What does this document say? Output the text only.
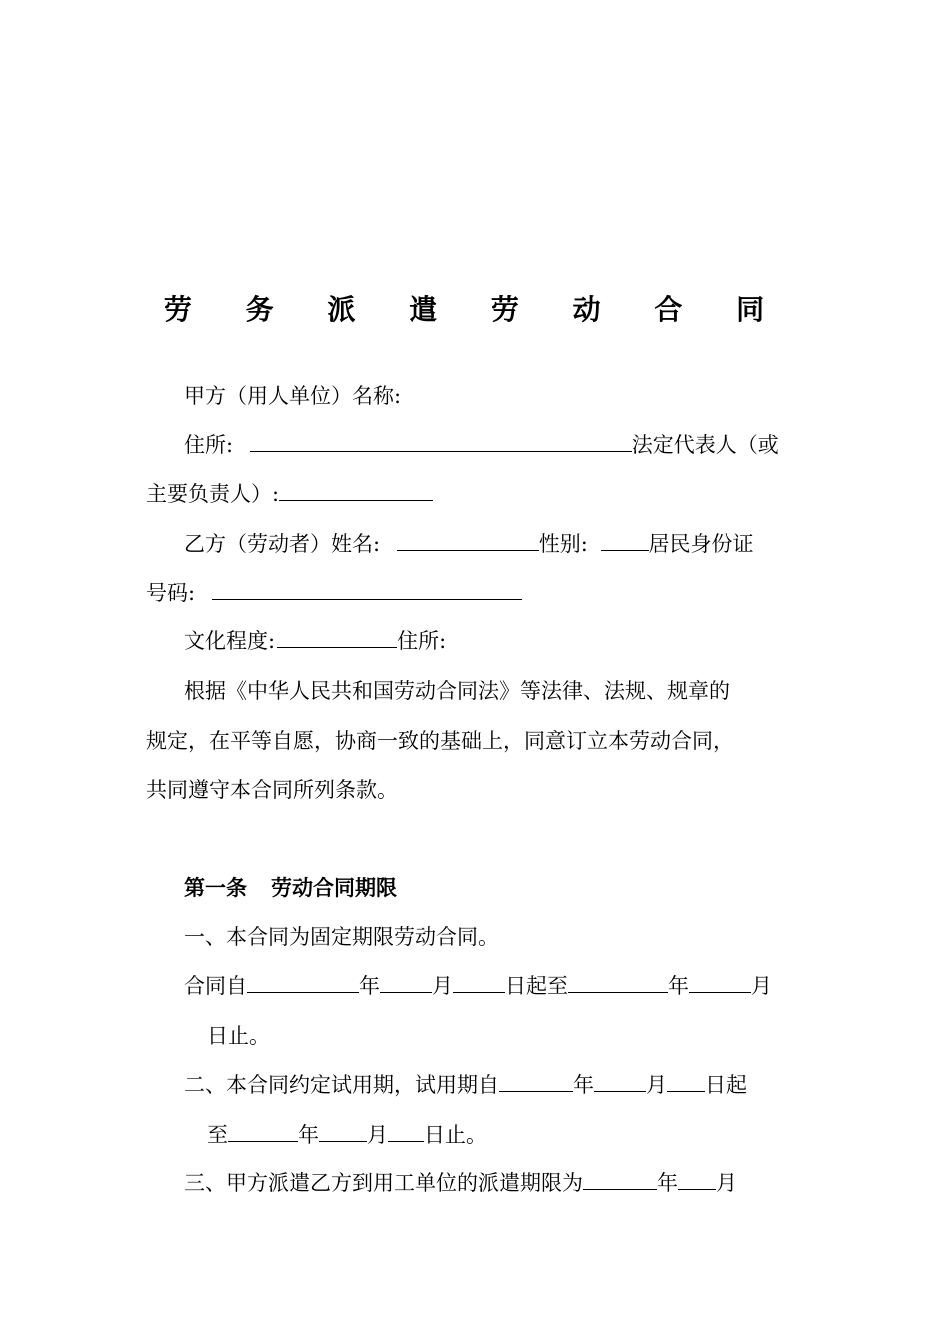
劳 务 派 遣 劳 动 合 同
甲方（用人单位）名称:
住所:	法定代表人（或
主要负责人）:
乙方（劳动者）姓名:	性别:	居民身份证
号码:
文化程度:	住所:
根据《中华人民共和国劳动合同法》等法律、法规、规章的
规定，在平等自愿，协商一致的基础上，同意订立本劳动合同，
共同遵守本合同所列条款。
第一条 劳动合同期限
一、本合同为固定期限劳动合同。
合同自	年 月 日起至	年	月
日止。
二、本合同约定试用期，试用期自	年 月 日起
至	年 月 日止。
三、甲方派遣乙方到用工单位的派遣期限为	年 月
